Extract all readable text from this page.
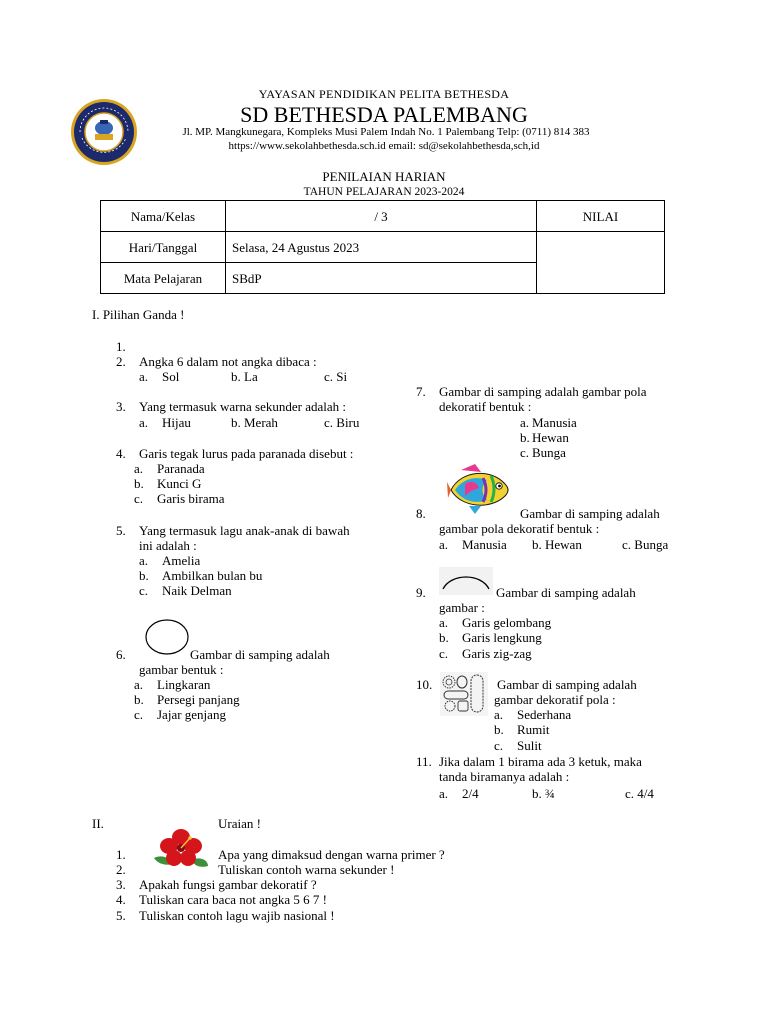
YAYASAN PENDIDIKAN PELITA BETHESDA
SD BETHESDA PALEMBANG
Jl. MP. Mangkunegara, Kompleks Musi Palem Indah No. 1 Palembang Telp: (0711) 814 383
https://www.sekolahbethesda.sch.id email: sd@sekolahbethesda,sch,id
PENILAIAN HARIAN
TAHUN PELAJARAN 2023-2024
Nama/Kelas	/ 3	NILAI
Hari/Tanggal	Selasa, 24 Agustus 2023	
Mata Pelajaran	SBdP	
I. Pilihan Ganda !
1.
2. Angka 6 dalam not angka dibaca :
a. Sol	b. La	c. Si
3. Yang termasuk warna sekunder adalah :
a. Hijau	b. Merah	c. Biru
4. Garis tegak lurus pada paranada disebut :
a. Paranada
b. Kunci G
c. Garis birama
5. Yang termasuk lagu anak-anak di bawah
ini adalah :
a. Amelia
b. Ambilkan bulan bu
c. Naik Delman
6.	Gambar di samping adalah
gambar bentuk :
a. Lingkaran
b. Persegi panjang
c. Jajar genjang
7. Gambar di samping adalah gambar pola
dekoratif bentuk :
a. Manusia
b. Hewan
c. Bunga
8.	Gambar di samping adalah
gambar pola dekoratif bentuk :
a. Manusia b. Hewan	c. Bunga
9.	Gambar di samping adalah
gambar :
a. Garis gelombang
b. Garis lengkung
c. Garis zig-zag
10.	Gambar di samping adalah
gambar dekoratif pola :
a. Sederhana
b. Rumit
c. Sulit
11. Jika dalam 1 birama ada 3 ketuk, maka
tanda biramanya adalah :
a. 2/4	b. ¾	c. 4/4
II.	Uraian !
1.	Apa yang dimaksud dengan warna primer ?
2.	Tuliskan contoh warna sekunder !
3. Apakah fungsi gambar dekoratif ?
4. Tuliskan cara baca not angka 5 6 7 !
5. Tuliskan contoh lagu wajib nasional !
